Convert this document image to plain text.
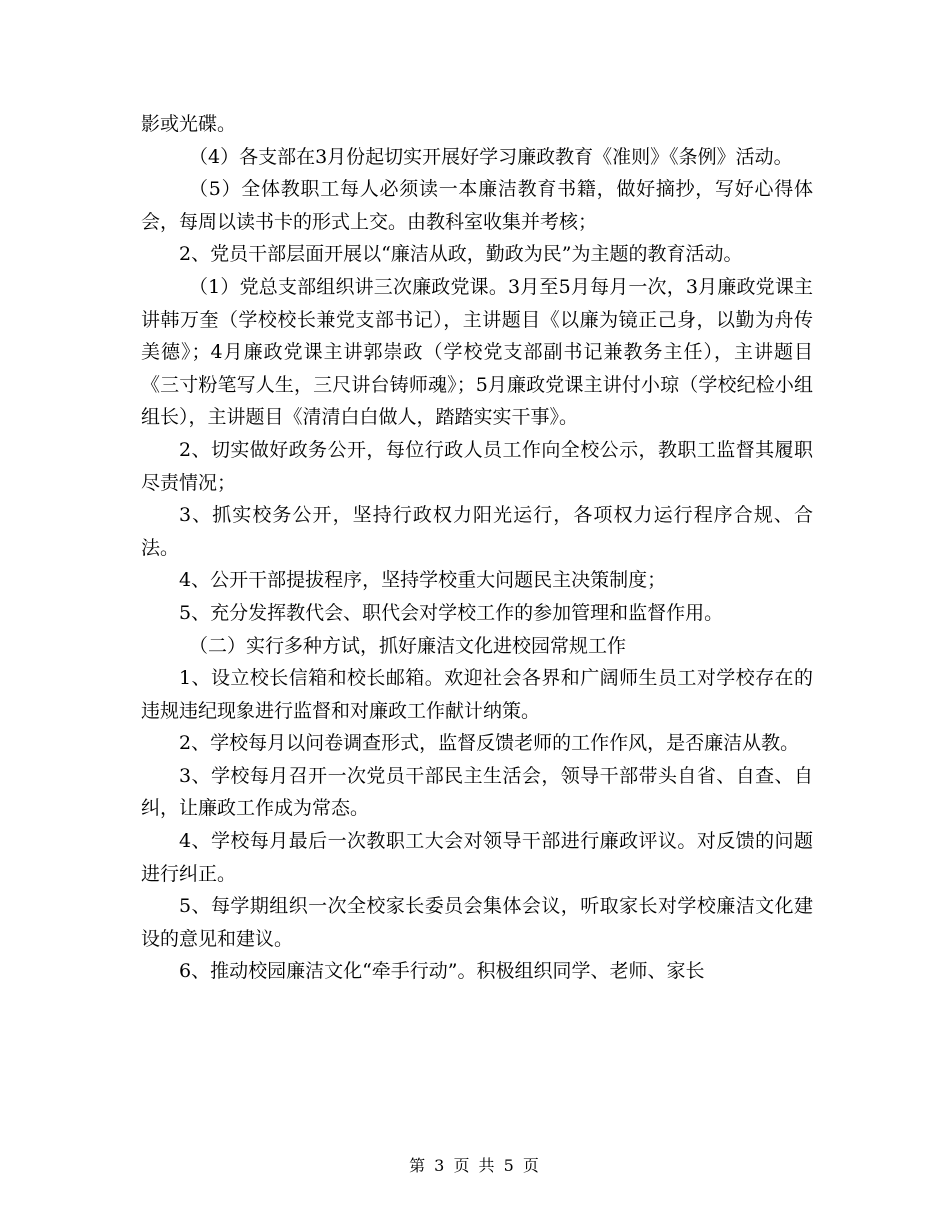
影或光碟。

（4）各支部在3月份起切实开展好学习廉政教育《准则》《条例》活动。

（5）全体教职工每人必须读一本廉洁教育书籍，做好摘抄，写好心得体会，每周以读书卡的形式上交。由教科室收集并考核；

2、党员干部层面开展以“廉洁从政，勤政为民”为主题的教育活动。

（1）党总支部组织讲三次廉政党课。3月至5月每月一次，3月廉政党课主讲韩万奎（学校校长兼党支部书记），主讲题目《以廉为镜正己身，以勤为舟传美德》；4月廉政党课主讲郭崇政（学校党支部副书记兼教务主任），主讲题目《三寸粉笔写人生，三尺讲台铸师魂》；5月廉政党课主讲付小琼（学校纪检小组组长），主讲题目《清清白白做人，踏踏实实干事》。

2、切实做好政务公开，每位行政人员工作向全校公示，教职工监督其履职尽责情况；

3、抓实校务公开，坚持行政权力阳光运行，各项权力运行程序合规、合法。

4、公开干部提拔程序，坚持学校重大问题民主决策制度；

5、充分发挥教代会、职代会对学校工作的参加管理和监督作用。

（二）实行多种方试，抓好廉洁文化进校园常规工作

1、设立校长信箱和校长邮箱。欢迎社会各界和广阔师生员工对学校存在的违规违纪现象进行监督和对廉政工作献计纳策。

2、学校每月以问卷调查形式，监督反馈老师的工作作风，是否廉洁从教。

3、学校每月召开一次党员干部民主生活会，领导干部带头自省、自查、自纠，让廉政工作成为常态。

4、学校每月最后一次教职工大会对领导干部进行廉政评议。对反馈的问题进行纠正。

5、每学期组织一次全校家长委员会集体会议，听取家长对学校廉洁文化建设的意见和建议。

6、推动校园廉洁文化“牵手行动”。积极组织同学、老师、家长

第 3 页 共 5 页
